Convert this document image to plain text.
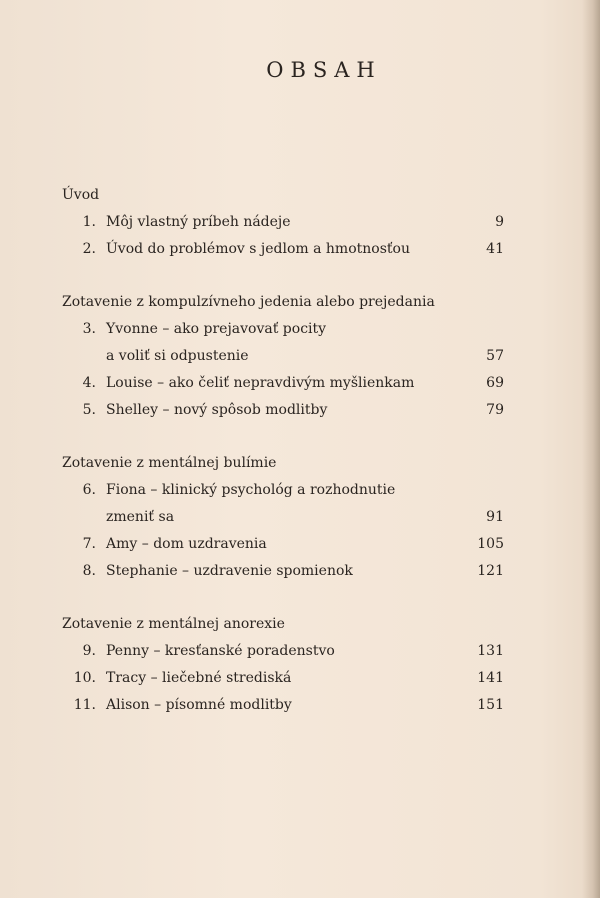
OBSAH
Úvod
1. Môj vlastný príbeh nádeje	9
2. Úvod do problémov s jedlom a hmotnosťou	41
Zotavenie z kompulzívneho jedenia alebo prejedania
3. Yvonne – ako prejavovať pocity
a voliť si odpustenie	57
4. Louise – ako čeliť nepravdivým myšlienkam	69
5. Shelley – nový spôsob modlitby	79
Zotavenie z mentálnej bulímie
6. Fiona – klinický psychológ a rozhodnutie
zmeniť sa	91
7. Amy – dom uzdravenia	105
8. Stephanie – uzdravenie spomienok	121
Zotavenie z mentálnej anorexie
9. Penny – kresťanské poradenstvo	131
10. Tracy – liečebné strediská	141
11. Alison – písomné modlitby	151
